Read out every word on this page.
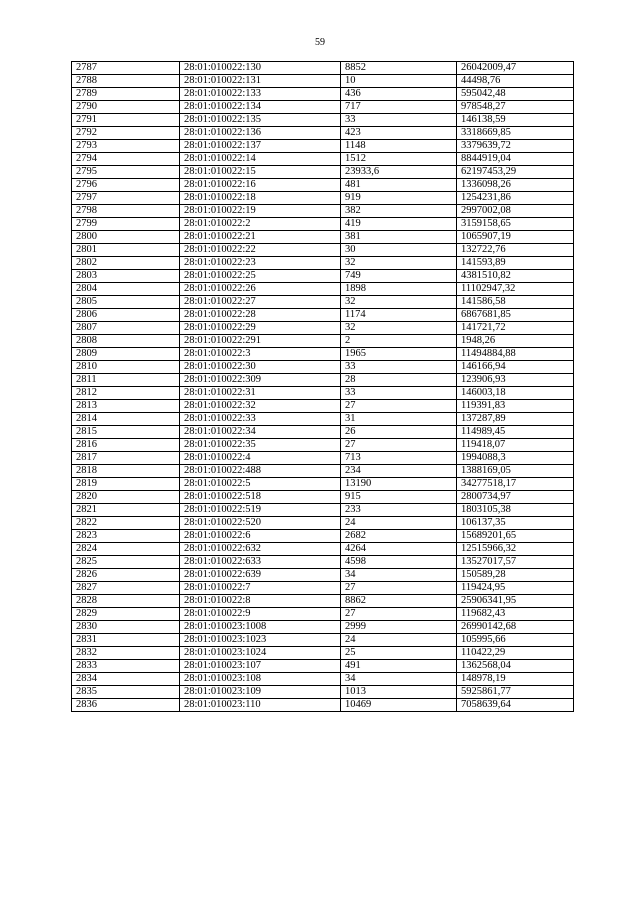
59
2787	28:01:010022:130	8852	26042009,47
2788	28:01:010022:131	10	44498,76
2789	28:01:010022:133	436	595042,48
2790	28:01:010022:134	717	978548,27
2791	28:01:010022:135	33	146138,59
2792	28:01:010022:136	423	3318669,85
2793	28:01:010022:137	1148	3379639,72
2794	28:01:010022:14	1512	8844919,04
2795	28:01:010022:15	23933,6	62197453,29
2796	28:01:010022:16	481	1336098,26
2797	28:01:010022:18	919	1254231,86
2798	28:01:010022:19	382	2997002,08
2799	28:01:010022:2	419	3159158,65
2800	28:01:010022:21	381	1065907,19
2801	28:01:010022:22	30	132722,76
2802	28:01:010022:23	32	141593,89
2803	28:01:010022:25	749	4381510,82
2804	28:01:010022:26	1898	11102947,32
2805	28:01:010022:27	32	141586,58
2806	28:01:010022:28	1174	6867681,85
2807	28:01:010022:29	32	141721,72
2808	28:01:010022:291	2	1948,26
2809	28:01:010022:3	1965	11494884,88
2810	28:01:010022:30	33	146166,94
2811	28:01:010022:309	28	123906,93
2812	28:01:010022:31	33	146003,18
2813	28:01:010022:32	27	119391,83
2814	28:01:010022:33	31	137287,89
2815	28:01:010022:34	26	114989,45
2816	28:01:010022:35	27	119418,07
2817	28:01:010022:4	713	1994088,3
2818	28:01:010022:488	234	1388169,05
2819	28:01:010022:5	13190	34277518,17
2820	28:01:010022:518	915	2800734,97
2821	28:01:010022:519	233	1803105,38
2822	28:01:010022:520	24	106137,35
2823	28:01:010022:6	2682	15689201,65
2824	28:01:010022:632	4264	12515966,32
2825	28:01:010022:633	4598	13527017,57
2826	28:01:010022:639	34	150589,28
2827	28:01:010022:7	27	119424,95
2828	28:01:010022:8	8862	25906341,95
2829	28:01:010022:9	27	119682,43
2830	28:01:010023:1008	2999	26990142,68
2831	28:01:010023:1023	24	105995,66
2832	28:01:010023:1024	25	110422,29
2833	28:01:010023:107	491	1362568,04
2834	28:01:010023:108	34	148978,19
2835	28:01:010023:109	1013	5925861,77
2836	28:01:010023:110	10469	7058639,64
